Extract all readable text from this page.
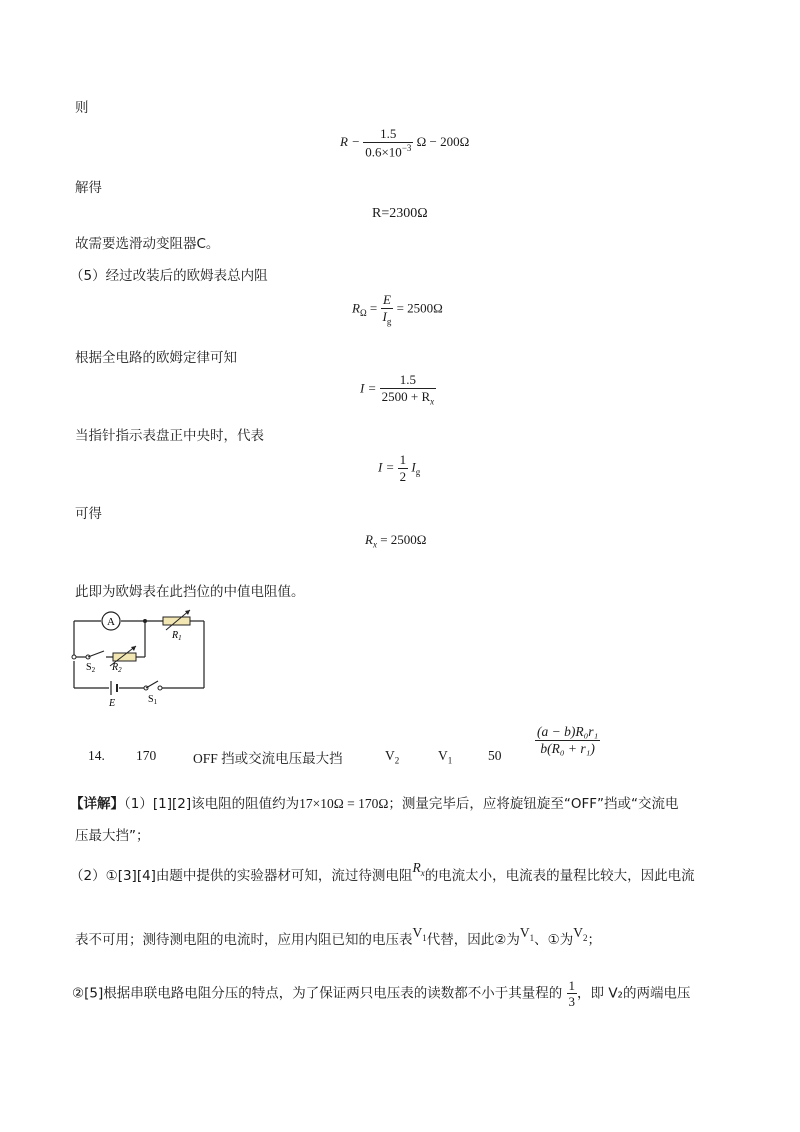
则
$R - \frac{1.5}{0.6\times 10^{-3}}$ Ω − 200Ω
解得
R=2300Ω
故需要选滑动变阻器C。
（5）经过改装后的欧姆表总内阻
$R_\Omega = \frac{E}{I_g} = 2500\Omega$
根据全电路的欧姆定律可知
$I = \frac{1.5}{2500 + R_x}$
当指针指示表盘正中央时，代表
$I = \frac{1}{2} I_g$
可得
$R_x = 2500\Omega$
此即为欧姆表在此挡位的中值电阻值。
A
$R_1$
$S_2$ $R_2$
E	$S_1$
14. 170	OFF 挡或交流电压最大挡	$V_2$	$V_1$	$50 \frac{\text{(a − b)R₀r₁}}{\text{b(R₀ + r₁)}}$
【详解】（1）[1][2]该电阻的阻值约为17×10Ω = 170Ω；测量完毕后，应将旋钮旋至“OFF”挡或“交流电
压最大挡”；
（2）①[3][4]由题中提供的实验器材可知，流过待测电阻$R_x$的电流太小，电流表的量程比较大，因此电流
表不可用；测待测电阻的电流时，应用内阻已知的电压表$V_1$代替，因此②为$V_1$、①为$V_2$；
②[5]根据串联电路电阻分压的特点，为了保证两只电压表的读数都不小于其量程的 $\frac{1}{3}$ ，即 V₂的两端电压
